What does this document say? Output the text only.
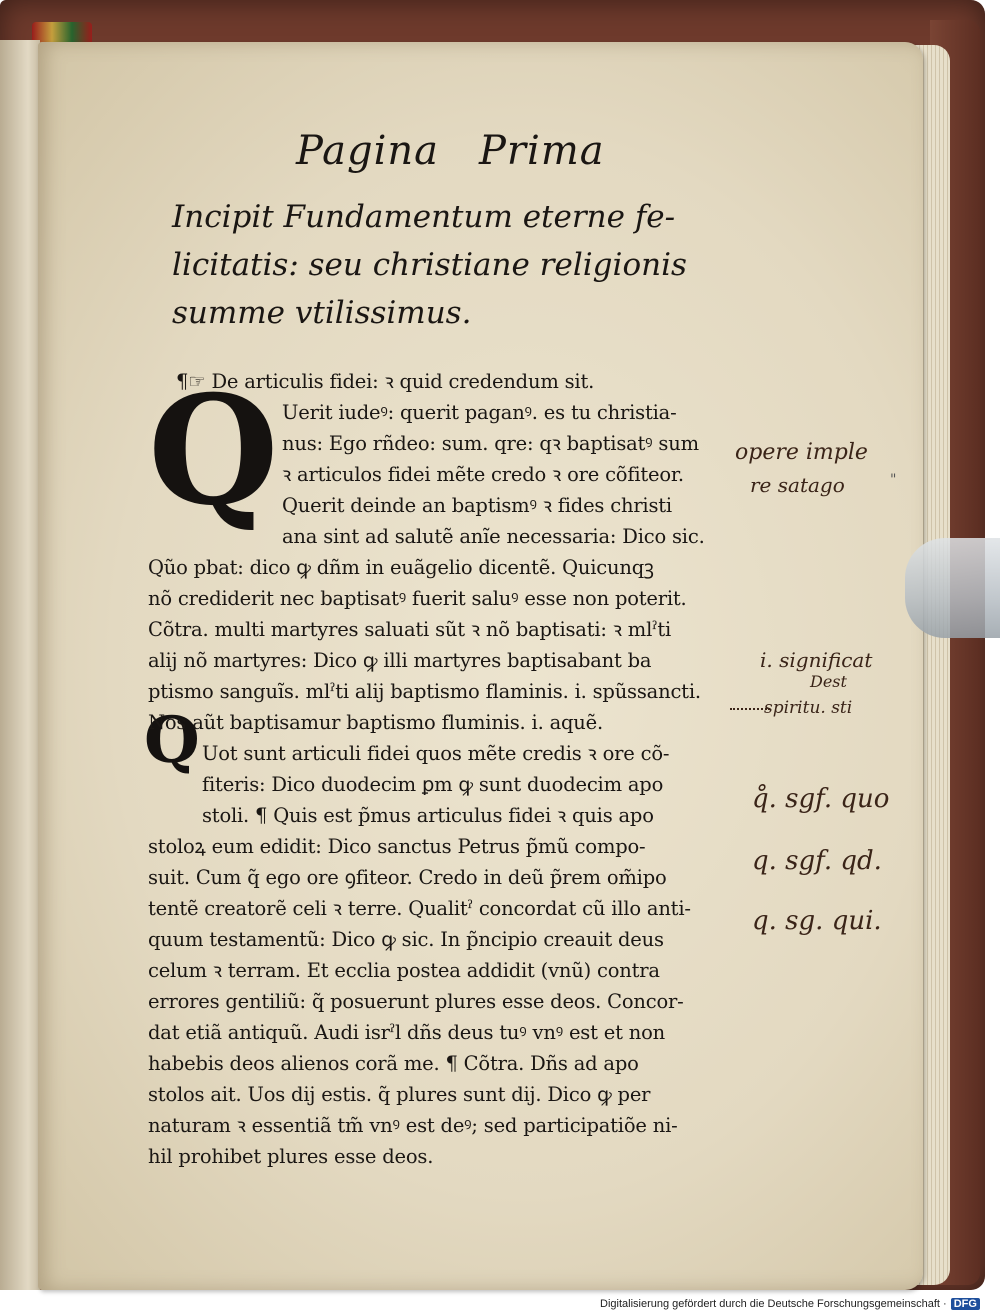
"
Pagina Prima
Incipit Fundamentum eterne fe-
licitatis: seu christiane religionis
summe vtilissimus.
Q
Q
¶☞ De articulis fidei: ꝛ quid credendum sit.
Uerit iudeꝰ: querit paganꝰ. es tu christia-
nus: Ego rñdeo: sum. qre: qꝛ baptisatꝰ sum
ꝛ articulos fidei mẽte credo ꝛ ore cõfiteor.
Querit deinde an baptismꝰ ꝛ fides christi
ana sint ad salutẽ anĩe necessaria: Dico sic.
Qũo pbat: dico ꝙ dñm in euãgelio dicentẽ. Quicunqꝫ
nõ crediderit nec baptisatꝰ fuerit saluꝰ esse non poterit.
Cõtra. multi martyres saluati sũt ꝛ nõ baptisati: ꝛ mlˀti
alij nõ martyres: Dico ꝙ illi martyres baptisabant ba
ptismo sanguĩs. mlˀti alij baptismo flaminis. i. spũssancti.
Nos aũt baptisamur baptismo fluminis. i. aquẽ.
Uot sunt articuli fidei quos mẽte credis ꝛ ore cõ-
fiteris: Dico duodecim ꝑm ꝙ sunt duodecim apo
stoli. ¶ Quis est p̃mus articulus fidei ꝛ quis apo
stoloꝝ eum edidit: Dico sanctus Petrus p̃mũ compo-
suit. Cum q̃ ego ore ꝯfiteor. Credo in deũ p̃rem om̃ipo
tentẽ creatorẽ celi ꝛ terre. Qualitˀ concordat cũ illo anti-
quum testamentũ: Dico ꝙ sic. In p̃ncipio creauit deus
celum ꝛ terram. Et ecclia postea addidit (vnũ) contra
errores gentiliũ: q̃ posuerunt plures esse deos. Concor-
dat etiã antiquũ. Audi isrˀl dñs deus tuꝰ vnꝰ est et non
habebis deos alienos corã me. ¶ Cõtra. Dñs ad apo
stolos ait. Uos dij estis. q̃ plures sunt dij. Dico ꝙ per
naturam ꝛ essentiã tm̃ vnꝰ est deꝰ; sed participatiõe ni-
hil prohibet plures esse deos.
opere imple
re satago
i. significat
Dest
spiritu. sti
q̊. sgf. quo
q. sgf. qd.
q. sg. qui.
Digitalisierung gefördert durch die Deutsche Forschungsgemeinschaft · DFG
